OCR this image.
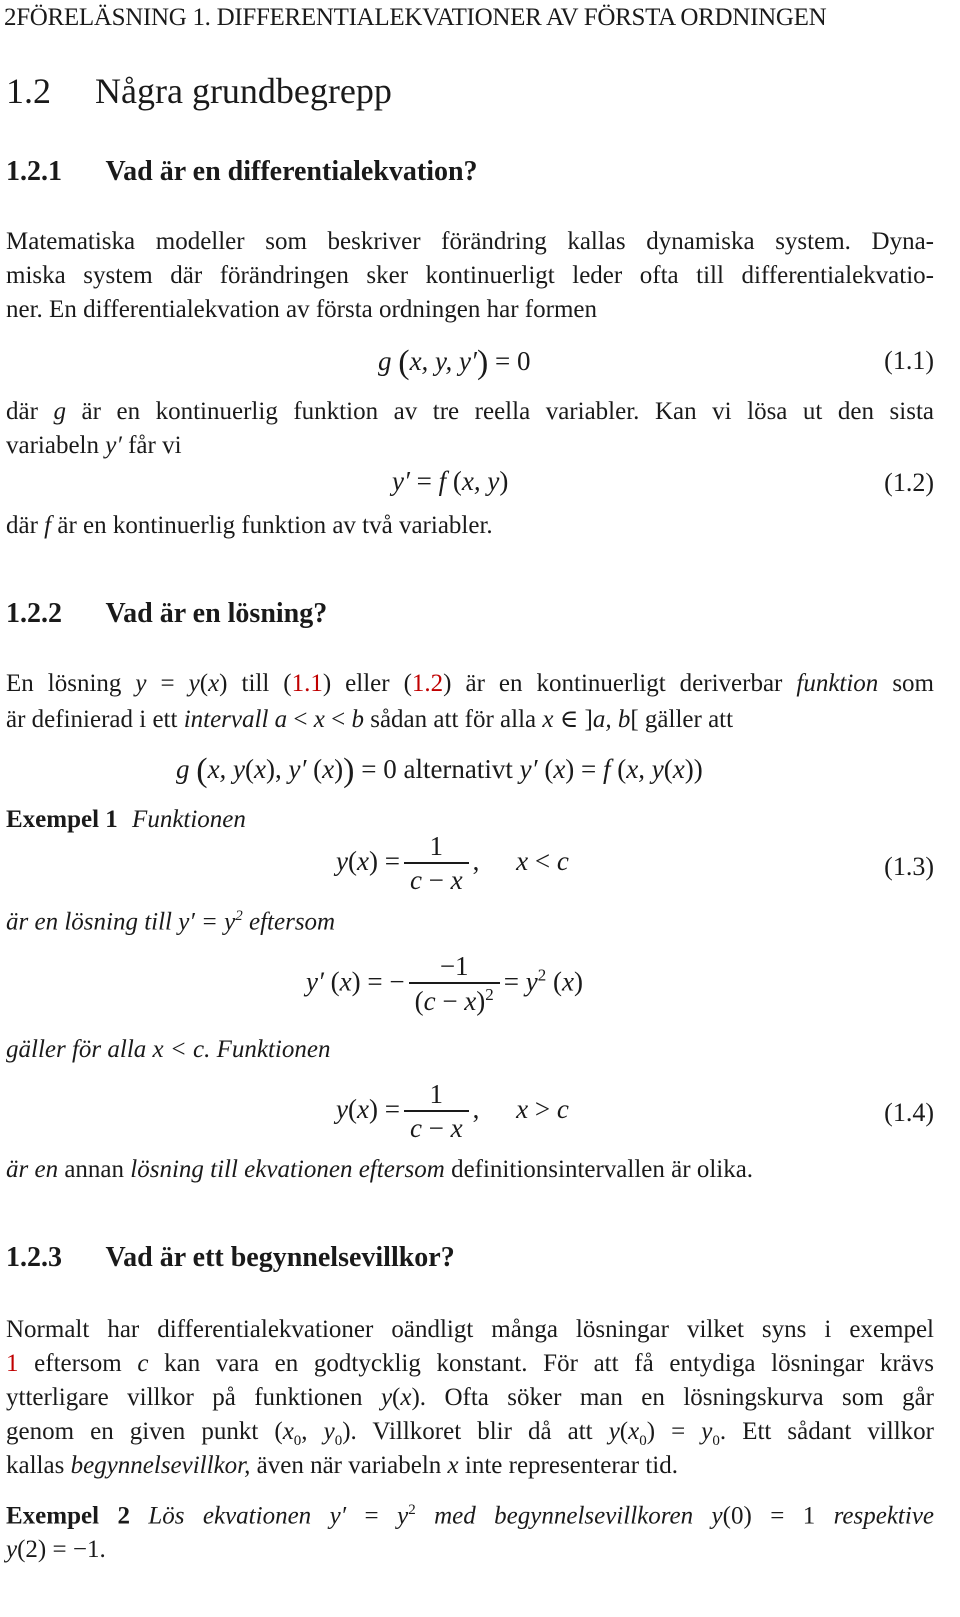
2FÖRELÄSNING 1. DIFFERENTIALEKVATIONER AV FÖRSTA ORDNINGEN
1.2 Några grundbegrepp
1.2.1 Vad är en differentialekvation?
Matematiska modeller som beskriver förändring kallas dynamiska system. Dyna-
miska system där förändringen sker kontinuerligt leder ofta till differentialekvatio-
ner. En differentialekvation av första ordningen har formen
g (x, y, y′) = 0	(1.1)
där g är en kontinuerlig funktion av tre reella variabler. Kan vi lösa ut den sista
variabeln y′ får vi
y′ = f (x, y)	(1.2)
där f är en kontinuerlig funktion av två variabler.
1.2.2 Vad är en lösning?
En lösning y = y(x) till (1.1) eller (1.2) är en kontinuerligt deriverbar funktion som
är definierad i ett intervall a < x < b sådan att för alla x ∈ ]a, b[ gäller att
g (x, y(x), y′ (x)) = 0 alternativt y′ (x) = f (x, y(x))
Exempel 1 Funktionen
$y(x) = \frac{1}{c - x}$ , x < c	(1.3)
är en lösning till $y' = y^2$ eftersom
y′ (x) = − $\frac{-1}{(c - x)^2} = y^2$ (x)
gäller för alla x < c. Funktionen
$y(x) = \frac{1}{c - x}$ , x > c	(1.4)
är en annan lösning till ekvationen eftersom definitionsintervallen är olika.
1.2.3 Vad är ett begynnelsevillkor?
Normalt har differentialekvationer oändligt många lösningar vilket syns i exempel
1 eftersom c kan vara en godtycklig konstant. För att få entydiga lösningar krävs
ytterligare villkor på funktionen y(x). Ofta söker man en lösningskurva som går
genom en given punkt ($x_0$, $y_0$). Villkoret blir då att $y(x_0) = y_0$. Ett sådant villkor
kallas begynnelsevillkor, även när variabeln x inte representerar tid.
Exempel 2 Lös ekvationen $y' = y^2$ med begynnelsevillkoren y(0) = 1 respektive
y(2) = −1.
